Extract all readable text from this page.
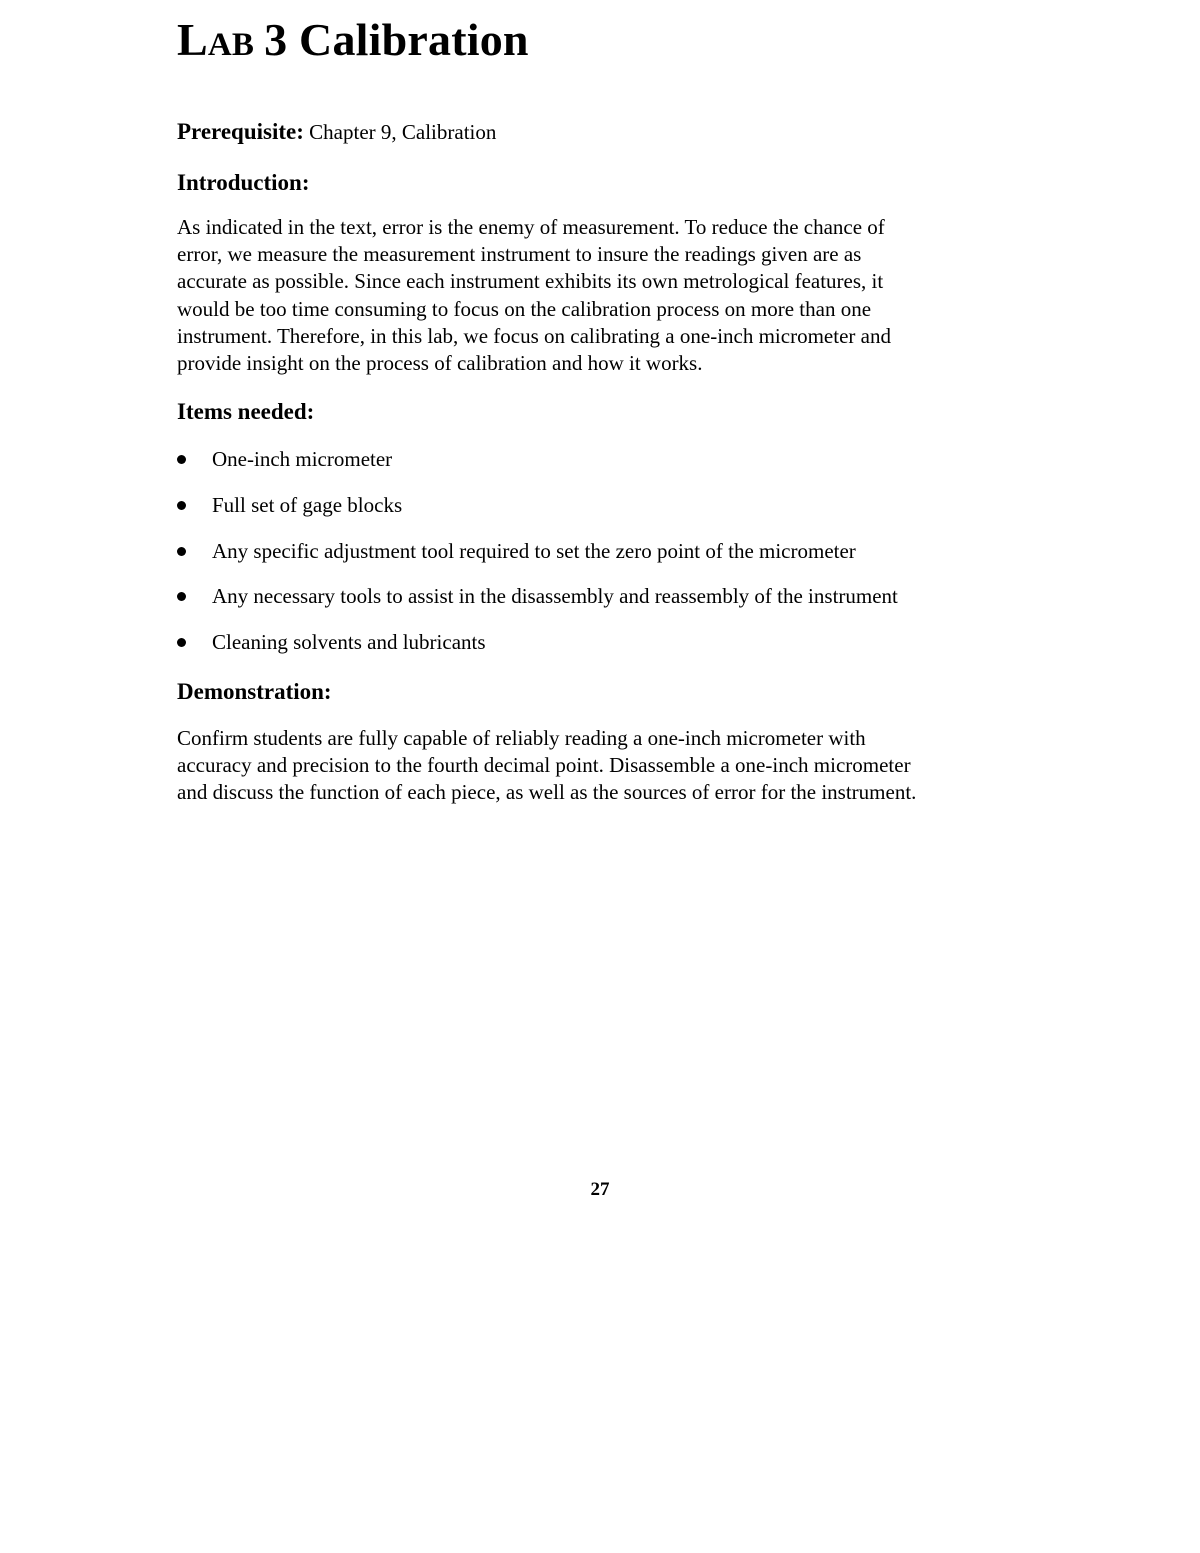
LAB 3 Calibration

Prerequisite: Chapter 9, Calibration

Introduction:

As indicated in the text, error is the enemy of measurement. To reduce the chance of
error, we measure the measurement instrument to insure the readings given are as
accurate as possible. Since each instrument exhibits its own metrological features, it
would be too time consuming to focus on the calibration process on more than one
instrument. Therefore, in this lab, we focus on calibrating a one-inch micrometer and
provide insight on the process of calibration and how it works.

Items needed:
One-inch micrometer
Full set of gage blocks
Any specific adjustment tool required to set the zero point of the micrometer
Any necessary tools to assist in the disassembly and reassembly of the instrument
Cleaning solvents and lubricants
Demonstration:

Confirm students are fully capable of reliably reading a one-inch micrometer with
accuracy and precision to the fourth decimal point. Disassemble a one-inch micrometer
and discuss the function of each piece, as well as the sources of error for the instrument.

27
